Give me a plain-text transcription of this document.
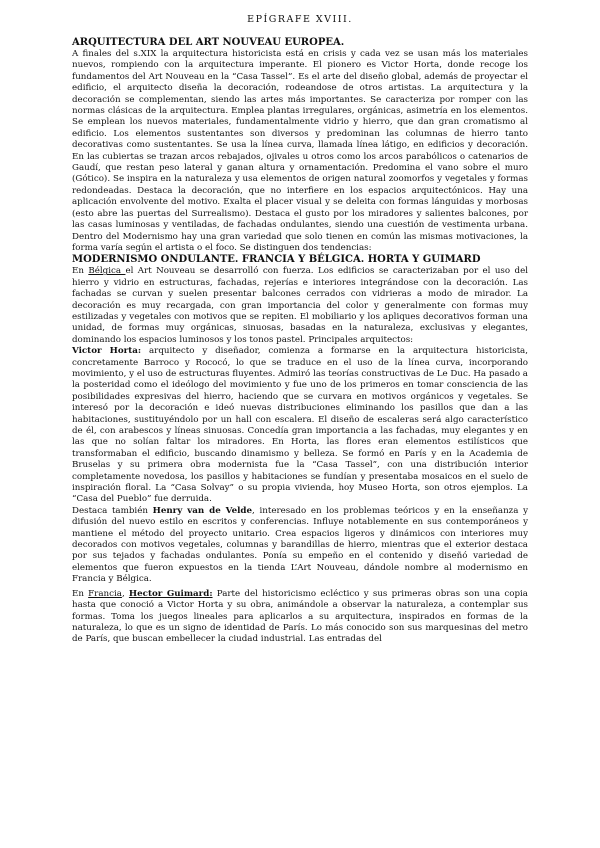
EPÍGRAFE XVIII.
ARQUITECTURA DEL ART NOUVEAU EUROPEA.

A finales del s.XIX la arquitectura historicista está en crisis y cada vez se usan más los materiales nuevos, rompiendo con la arquitectura imperante. El pionero es Victor Horta, donde recoge los fundamentos del Art Nouveau en la “Casa Tassel”. Es el arte del diseño global, además de proyectar el edificio, el arquitecto diseña la decoración, rodeandose de otros artistas. La arquitectura y la decoración se complementan, siendo las artes más importantes. Se caracteriza por romper con las normas clásicas de la arquitectura. Emplea plantas irregulares, orgánicas, asimetría en los elementos. Se emplean los nuevos materiales, fundamentalmente vidrio y hierro, que dan gran cromatismo al edificio. Los elementos sustentantes son diversos y predominan las columnas de hierro tanto decorativas como sustentantes. Se usa la línea curva, llamada línea látigo, en edificios y decoración. En las cubiertas se trazan arcos rebajados, ojivales u otros como los arcos parabólicos o catenarios de Gaudí, que restan peso lateral y ganan altura y ornamentación. Predomina el vano sobre el muro (Gótico). Se inspira en la naturaleza y usa elementos de origen natural zoomorfos y vegetales y formas redondeadas. Destaca la decoración, que no interfiere en los espacios arquitectónicos. Hay una aplicación envolvente del motivo. Exalta el placer visual y se deleita con formas lánguidas y morbosas (esto abre las puertas del Surrealismo). Destaca el gusto por los miradores y salientes balcones, por las casas luminosas y ventiladas, de fachadas ondulantes, siendo una cuestión de vestimenta urbana. Dentro del Modernismo hay una gran variedad que solo tienen en común las mismas motivaciones, la forma varía según el artista o el foco. Se distinguen dos tendencias:

MODERNISMO ONDULANTE. FRANCIA Y BÉLGICA. HORTA Y GUIMARD

En Bélgica el Art Nouveau se desarrolló con fuerza. Los edificios se caracterizaban por el uso del hierro y vidrio en estructuras, fachadas, rejerías e interiores integrándose con la decoración. Las fachadas se curvan y suelen presentar balcones cerrados con vidrieras a modo de mirador. La decoración es muy recargada, con gran importancia del color y generalmente con formas muy estilizadas y vegetales con motivos que se repiten. El mobiliario y los apliques decorativos forman una unidad, de formas muy orgánicas, sinuosas, basadas en la naturaleza, exclusivas y elegantes, dominando los espacios luminosos y los tonos pastel. Principales arquitectos:

Victor Horta: arquitecto y diseñador, comienza a formarse en la arquitectura historicista, concretamente Barroco y Rococó, lo que se traduce en el uso de la línea curva, incorporando movimiento, y el uso de estructuras fluyentes. Admiró las teorías constructivas de Le Duc. Ha pasado a la posteridad como el ideólogo del movimiento y fue uno de los primeros en tomar consciencia de las posibilidades expresivas del hierro, haciendo que se curvara en motivos orgánicos y vegetales. Se interesó por la decoración e ideó nuevas distribuciones eliminando los pasillos que dan a las habitaciones, sustituyéndolo por un hall con escalera. El diseño de escaleras será algo característico de él, con arabescos y líneas sinuosas. Concedía gran importancia a las fachadas, muy elegantes y en las que no solían faltar los miradores. En Horta, las flores eran elementos estilísticos que transformaban el edificio, buscando dinamismo y belleza. Se formó en París y en la Academia de Bruselas y su primera obra modernista fue la “Casa Tassel”, con una distribución interior completamente novedosa, los pasillos y habitaciones se fundían y presentaba mosaicos en el suelo de inspiración floral. La “Casa Solvay” o su propia vivienda, hoy Museo Horta, son otros ejemplos. La “Casa del Pueblo” fue derruida.

Destaca también Henry van de Velde, interesado en los problemas teóricos y en la enseñanza y difusión del nuevo estilo en escritos y conferencias. Influye notablemente en sus contemporáneos y mantiene el método del proyecto unitario. Crea espacios ligeros y dinámicos con interiores muy decorados con motivos vegetales, columnas y barandillas de hierro, mientras que el exterior destaca por sus tejados y fachadas ondulantes. Ponía su empeño en el contenido y diseñó variedad de elementos que fueron expuestos en la tienda L’Art Nouveau, dándole nombre al modernismo en Francia y Bélgica.

En Francia, Hector Guimard: Parte del historicismo ecléctico y sus primeras obras son una copia hasta que conoció a Victor Horta y su obra, animándole a observar la naturaleza, a contemplar sus formas. Toma los juegos lineales para aplicarlos a su arquitectura, inspirados en formas de la naturaleza, lo que es un signo de identidad de París. Lo más conocido son sus marquesinas del metro de París, que buscan embellecer la ciudad industrial. Las entradas del
